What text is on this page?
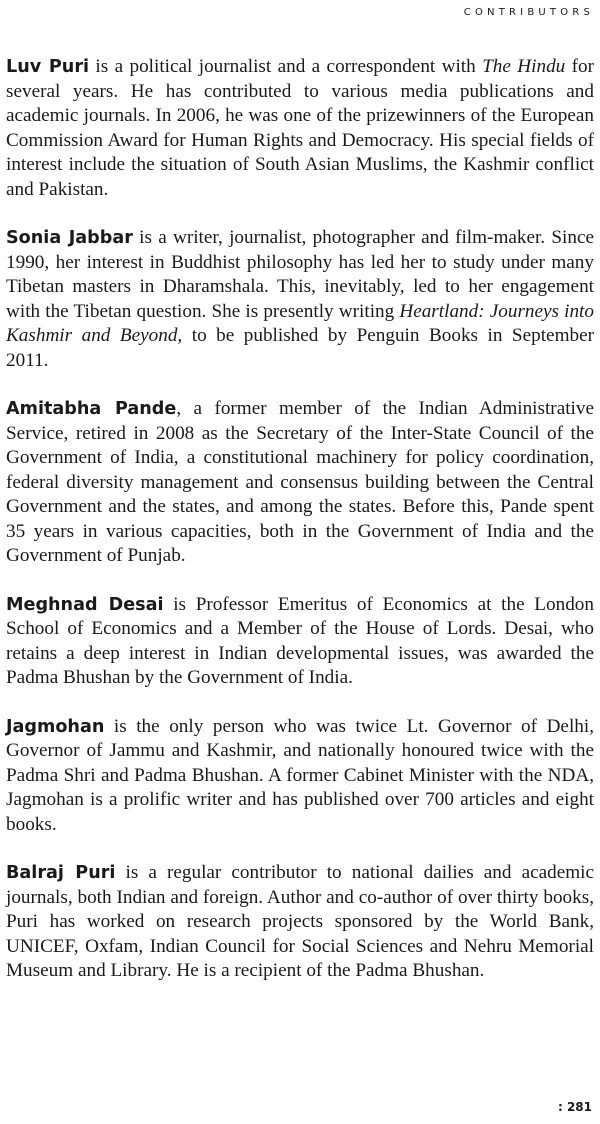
CONTRIBUTORS

Luv Puri is a political journalist and a correspondent with The Hindu for several years. He has contributed to various media publications and academic journals. In 2006, he was one of the prizewinners of the European Commission Award for Human Rights and Democracy. His special fields of interest include the situation of South Asian Muslims, the Kashmir conflict and Pakistan.

Sonia Jabbar is a writer, journalist, photographer and film-maker. Since 1990, her interest in Buddhist philosophy has led her to study under many Tibetan masters in Dharamshala. This, inevitably, led to her engagement with the Tibetan question. She is presently writing Heartland: Journeys into Kashmir and Beyond, to be published by Penguin Books in September 2011.

Amitabha Pande, a former member of the Indian Administrative Service, retired in 2008 as the Secretary of the Inter-State Council of the Government of India, a constitutional machinery for policy coordination, federal diversity management and consensus building between the Central Government and the states, and among the states. Before this, Pande spent 35 years in various capacities, both in the Government of India and the Government of Punjab.

Meghnad Desai is Professor Emeritus of Economics at the London School of Economics and a Member of the House of Lords. Desai, who retains a deep interest in Indian developmental issues, was awarded the Padma Bhushan by the Government of India.

Jagmohan is the only person who was twice Lt. Governor of Delhi, Governor of Jammu and Kashmir, and nationally honoured twice with the Padma Shri and Padma Bhushan. A former Cabinet Minister with the NDA, Jagmohan is a prolific writer and has published over 700 articles and eight books.

Balraj Puri is a regular contributor to national dailies and academic journals, both Indian and foreign. Author and co-author of over thirty books, Puri has worked on research projects sponsored by the World Bank, UNICEF, Oxfam, Indian Council for Social Sciences and Nehru Memorial Museum and Library. He is a recipient of the Padma Bhushan.

: 281
